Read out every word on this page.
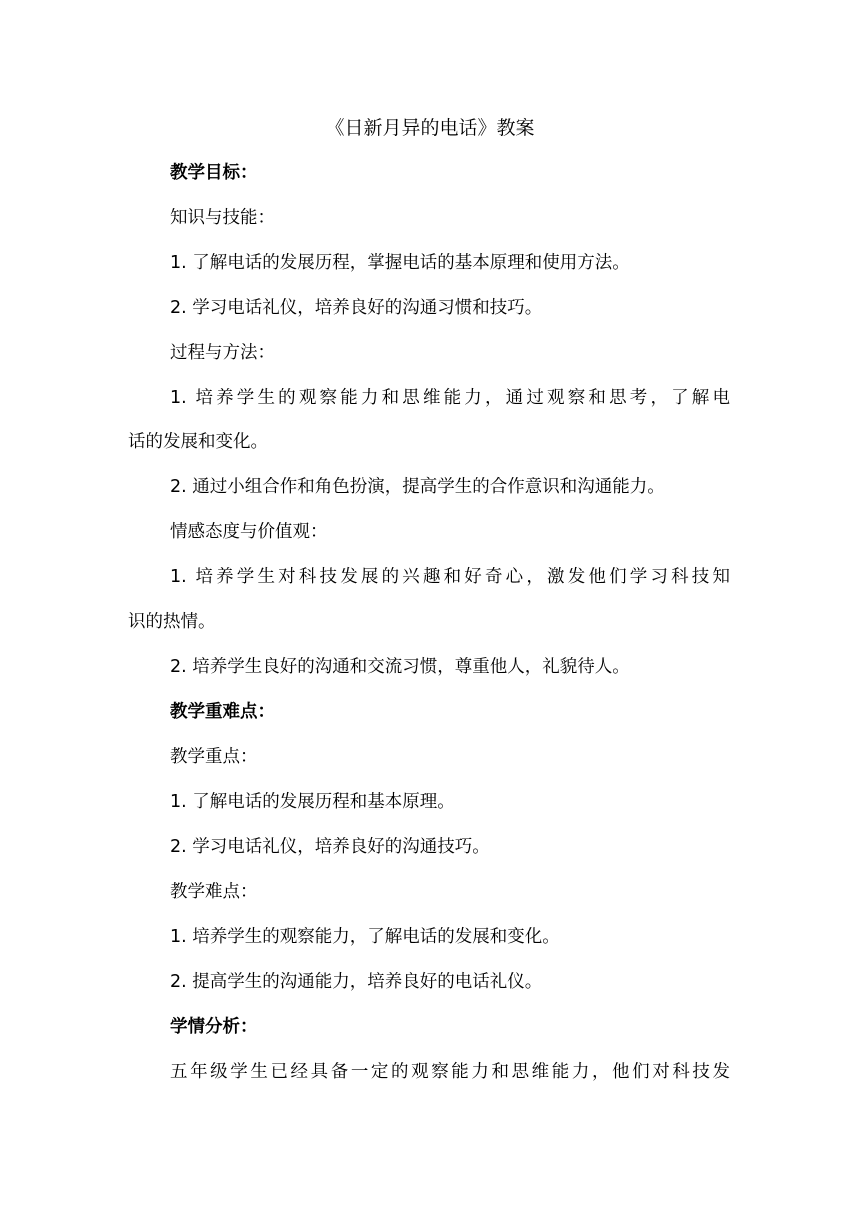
《日新月异的电话》教案
教学目标：
知识与技能：
1. 了解电话的发展历程，掌握电话的基本原理和使用方法。
2. 学习电话礼仪，培养良好的沟通习惯和技巧。
过程与方法：
1. 培养学生的观察能力和思维能力，通过观察和思考，了解电
话的发展和变化。
2. 通过小组合作和角色扮演，提高学生的合作意识和沟通能力。
情感态度与价值观：
1. 培养学生对科技发展的兴趣和好奇心，激发他们学习科技知
识的热情。
2. 培养学生良好的沟通和交流习惯，尊重他人，礼貌待人。
教学重难点：
教学重点：
1. 了解电话的发展历程和基本原理。
2. 学习电话礼仪，培养良好的沟通技巧。
教学难点：
1. 培养学生的观察能力，了解电话的发展和变化。
2. 提高学生的沟通能力，培养良好的电话礼仪。
学情分析：
五年级学生已经具备一定的观察能力和思维能力，他们对科技发
